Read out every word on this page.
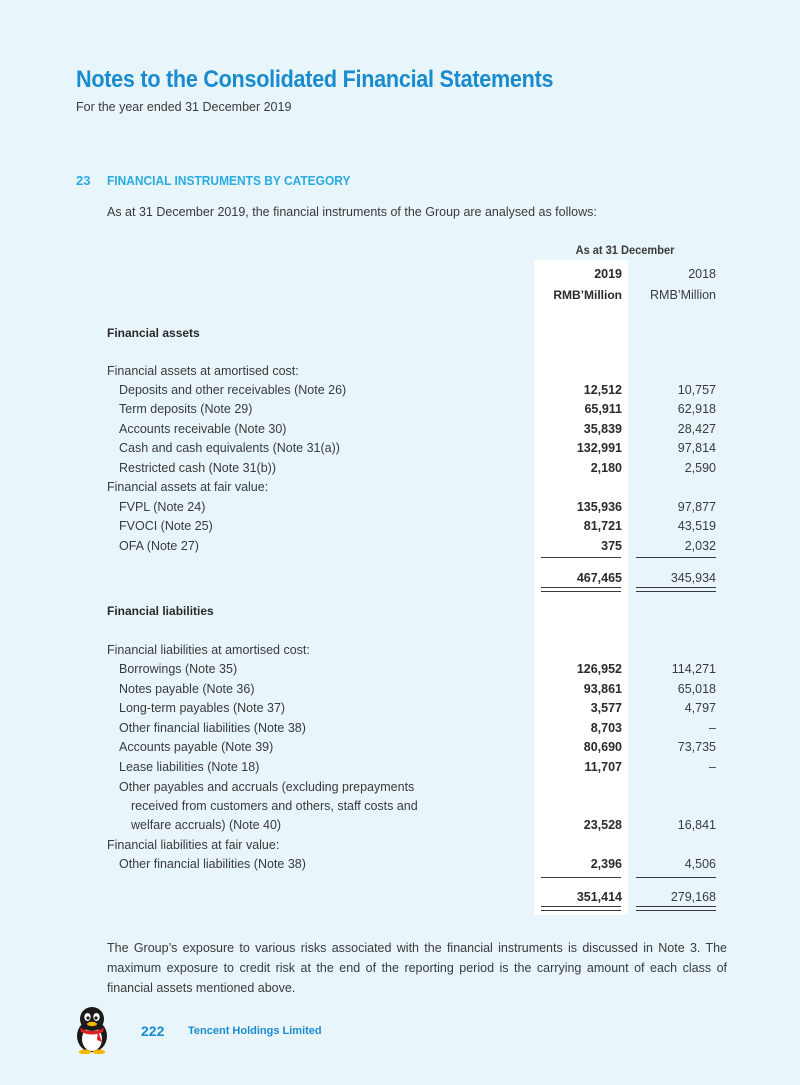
Notes to the Consolidated Financial Statements
For the year ended 31 December 2019
23 FINANCIAL INSTRUMENTS BY CATEGORY
As at 31 December 2019, the financial instruments of the Group are analysed as follows:
As at 31 December
2019	2018
RMB’Million	RMB’Million
Financial assets
Financial assets at amortised cost:
Deposits and other receivables (Note 26)	12,512	10,757
Term deposits (Note 29)	65,911	62,918
Accounts receivable (Note 30)	35,839	28,427
Cash and cash equivalents (Note 31(a))	132,991	97,814
Restricted cash (Note 31(b))	2,180	2,590
Financial assets at fair value:
FVPL (Note 24)	135,936	97,877
FVOCI (Note 25)	81,721	43,519
OFA (Note 27)	375	2,032
467,465	345,934
Financial liabilities
Financial liabilities at amortised cost:
Borrowings (Note 35)	126,952	114,271
Notes payable (Note 36)	93,861	65,018
Long-term payables (Note 37)	3,577	4,797
Other financial liabilities (Note 38)	8,703	–
Accounts payable (Note 39)	80,690	73,735
Lease liabilities (Note 18)	11,707	–
Other payables and accruals (excluding prepayments
received from customers and others, staff costs and
welfare accruals) (Note 40)	23,528	16,841
Financial liabilities at fair value:
Other financial liabilities (Note 38)	2,396	4,506
351,414	279,168
The Group’s exposure to various risks associated with the financial instruments is discussed in Note 3. The maximum exposure to credit risk at the end of the reporting period is the carrying amount of each class of financial assets mentioned above.
222 Tencent Holdings Limited
